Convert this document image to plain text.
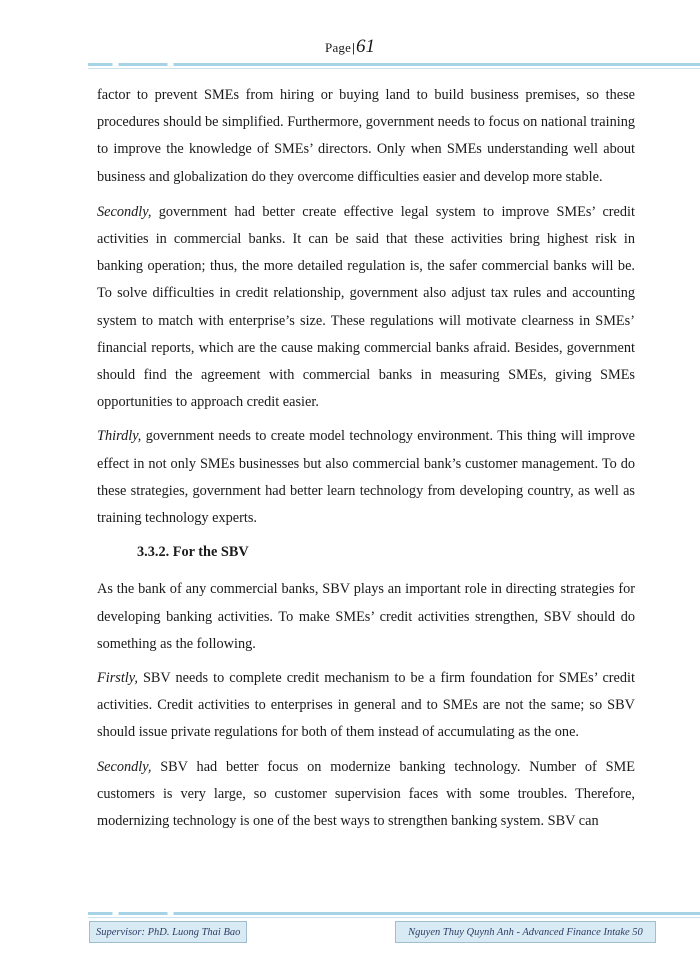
Page|61

factor to prevent SMEs from hiring or buying land to build business premises, so these procedures should be simplified. Furthermore, government needs to focus on national training to improve the knowledge of SMEs’ directors. Only when SMEs understanding well about business and globalization do they overcome difficulties easier and develop more stable.

Secondly, government had better create effective legal system to improve SMEs’ credit activities in commercial banks. It can be said that these activities bring highest risk in banking operation; thus, the more detailed regulation is, the safer commercial banks will be. To solve difficulties in credit relationship, government also adjust tax rules and accounting system to match with enterprise’s size. These regulations will motivate clearness in SMEs’ financial reports, which are the cause making commercial banks afraid. Besides, government should find the agreement with commercial banks in measuring SMEs, giving SMEs opportunities to approach credit easier.

Thirdly, government needs to create model technology environment. This thing will improve effect in not only SMEs businesses but also commercial bank’s customer management. To do these strategies, government had better learn technology from developing country, as well as training technology experts.

3.3.2. For the SBV

As the bank of any commercial banks, SBV plays an important role in directing strategies for developing banking activities. To make SMEs’ credit activities strengthen, SBV should do something as the following.

Firstly, SBV needs to complete credit mechanism to be a firm foundation for SMEs’ credit activities. Credit activities to enterprises in general and to SMEs are not the same; so SBV should issue private regulations for both of them instead of accumulating as the one.

Secondly, SBV had better focus on modernize banking technology. Number of SME customers is very large, so customer supervision faces with some troubles. Therefore, modernizing technology is one of the best ways to strengthen banking system. SBV can

Supervisor: PhD. Luong Thai Bao	Nguyen Thuy Quynh Anh - Advanced Finance Intake 50
